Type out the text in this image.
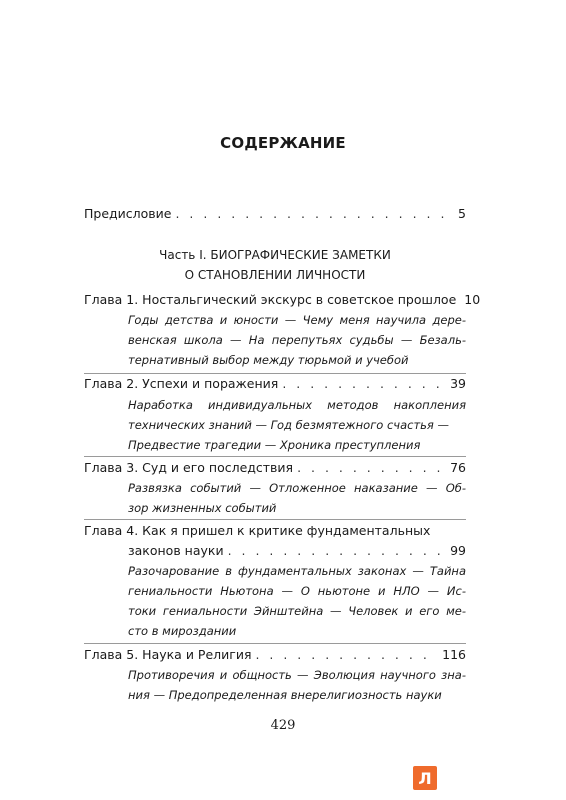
СОДЕРЖАНИЕ
Предисловие . . .	5
Часть I. БИОГРАФИЧЕСКИЕ ЗАМЕТКИ
О СТАНОВЛЕНИИ ЛИЧНОСТИ
Глава 1. Ностальгический экскурс в советское прошлое 10
Годы детства и юности — Чему меня научила дере-
венская школа — На перепутьях судьбы — Безаль-
тернативный выбор между тюрьмой и учебой
Глава 2. Успехи и поражения . . .	39
Наработка индивидуальных методов накопления
технических знаний — Год безмятежного счастья —
Предвестие трагедии — Хроника преступления
Глава 3. Суд и его последствия . . .	76
Развязка событий — Отложенное наказание — Об-
зор жизненных событий
Глава 4. Как я пришел к критике фундаментальных
законов науки . . .	99
Разочарование в фундаментальных законах — Тайна
гениальности Ньютона — О ньютоне и НЛО — Ис-
токи гениальности Эйнштейна — Человек и его ме-
сто в мироздании
Глава 5. Наука и Религия . . .	116
Противоречия и общность — Эволюция научного зна-
ния — Предопределенная внерелигиозность науки
429
Л
